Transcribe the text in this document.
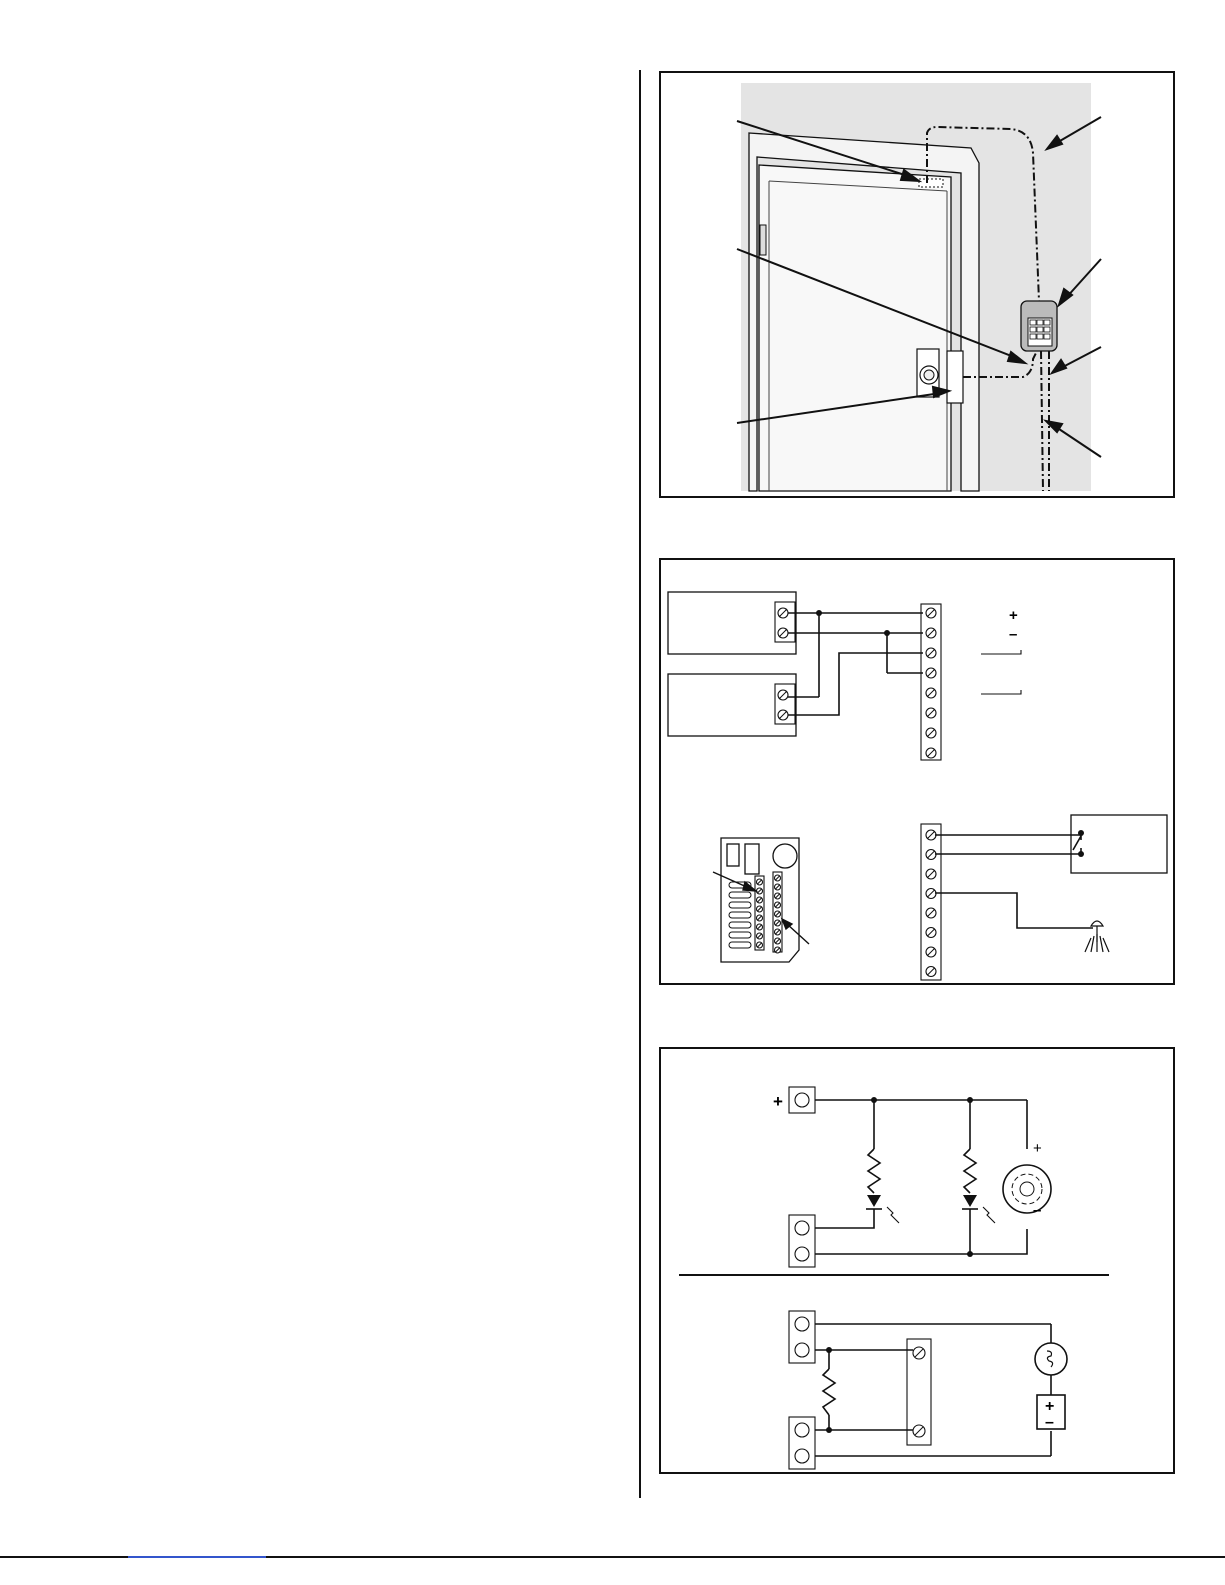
+
–
+
+
–
+
–
